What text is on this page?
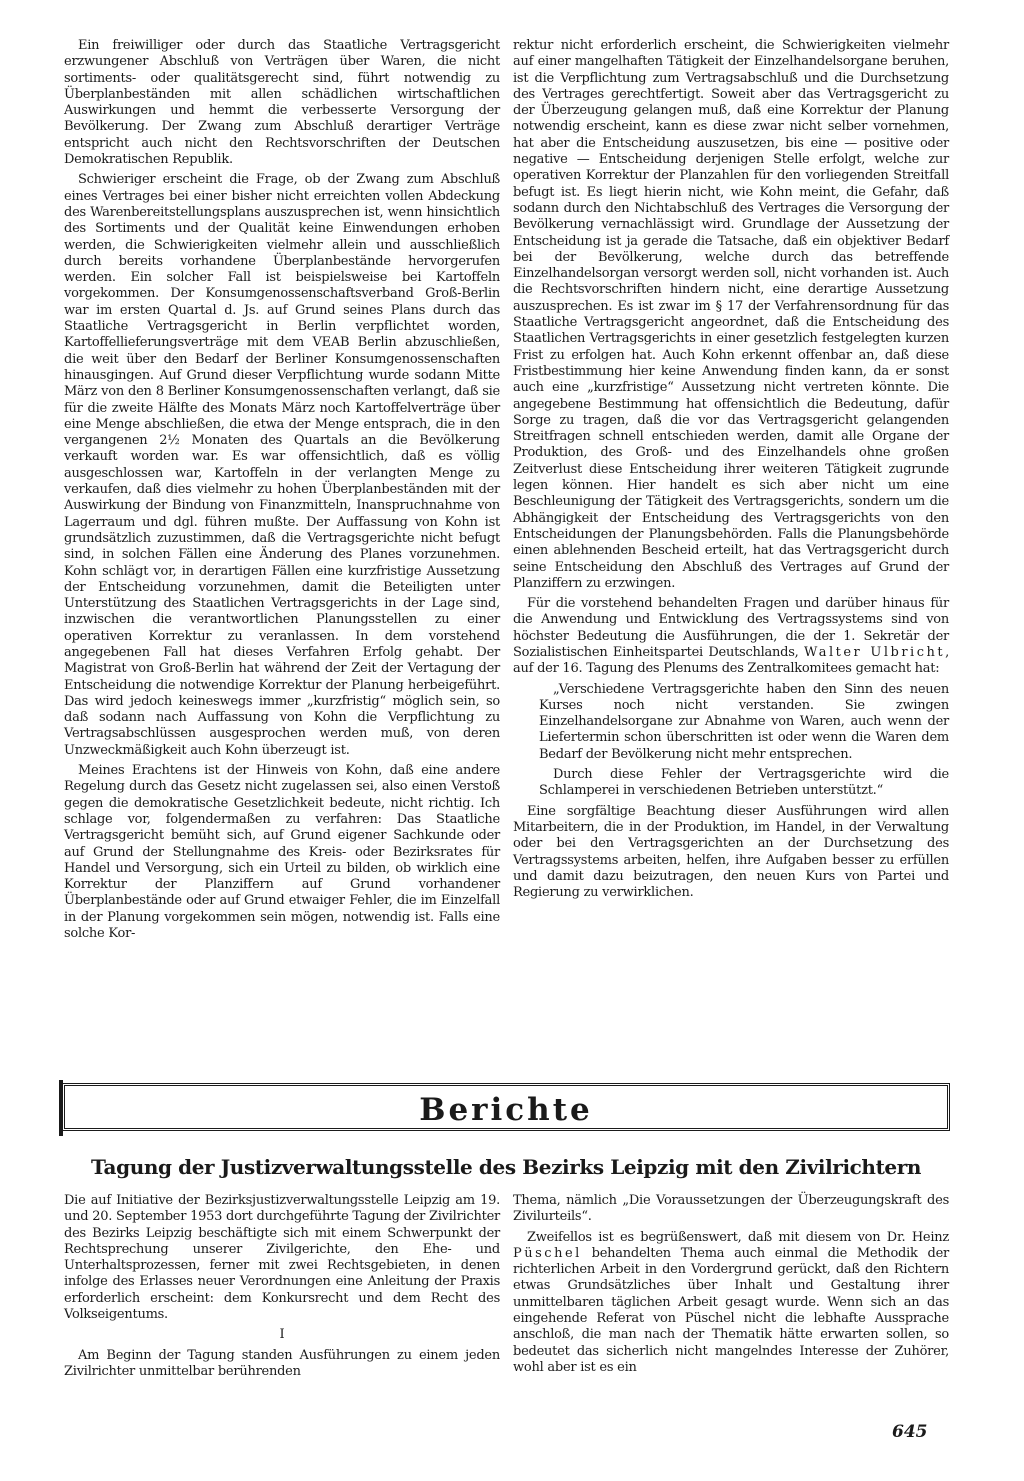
Ein freiwilliger oder durch das Staatliche Vertragsgericht erzwungener Abschluß von Verträgen über Waren, die nicht sortiments- oder qualitätsgerecht sind, führt notwendig zu Überplanbeständen mit allen schädlichen wirtschaftlichen Auswirkungen und hemmt die verbesserte Versorgung der Bevölkerung. Der Zwang zum Abschluß derartiger Verträge entspricht auch nicht den Rechtsvorschriften der Deutschen Demokratischen Republik.

Schwieriger erscheint die Frage, ob der Zwang zum Abschluß eines Vertrages bei einer bisher nicht erreichten vollen Abdeckung des Warenbereitstellungsplans auszusprechen ist, wenn hinsichtlich des Sortiments und der Qualität keine Einwendungen erhoben werden, die Schwierigkeiten vielmehr allein und ausschließlich durch bereits vorhandene Überplanbestände hervorgerufen werden. Ein solcher Fall ist beispielsweise bei Kartoffeln vorgekommen. Der Konsumgenossenschaftsverband Groß-Berlin war im ersten Quartal d. Js. auf Grund seines Plans durch das Staatliche Vertragsgericht in Berlin verpflichtet worden, Kartoffellieferungsverträge mit dem VEAB Berlin abzuschließen, die weit über den Bedarf der Berliner Konsumgenossenschaften hinausgingen. Auf Grund dieser Verpflichtung wurde sodann Mitte März von den 8 Berliner Konsumgenossenschaften verlangt, daß sie für die zweite Hälfte des Monats März noch Kartoffelverträge über eine Menge abschließen, die etwa der Menge entsprach, die in den vergangenen 2½ Monaten des Quartals an die Bevölkerung verkauft worden war. Es war offensichtlich, daß es völlig ausgeschlossen war, Kartoffeln in der verlangten Menge zu verkaufen, daß dies vielmehr zu hohen Überplanbeständen mit der Auswirkung der Bindung von Finanzmitteln, Inanspruchnahme von Lagerraum und dgl. führen mußte. Der Auffassung von Kohn ist grundsätzlich zuzustimmen, daß die Vertragsgerichte nicht befugt sind, in solchen Fällen eine Änderung des Planes vorzunehmen. Kohn schlägt vor, in derartigen Fällen eine kurzfristige Aussetzung der Entscheidung vorzunehmen, damit die Beteiligten unter Unterstützung des Staatlichen Vertragsgerichts in der Lage sind, inzwischen die verantwortlichen Planungsstellen zu einer operativen Korrektur zu veranlassen. In dem vorstehend angegebenen Fall hat dieses Verfahren Erfolg gehabt. Der Magistrat von Groß-Berlin hat während der Zeit der Vertagung der Entscheidung die notwendige Korrektur der Planung herbeigeführt. Das wird jedoch keineswegs immer „kurzfristig“ möglich sein, so daß sodann nach Auffassung von Kohn die Verpflichtung zu Vertragsabschlüssen ausgesprochen werden muß, von deren Unzweckmäßigkeit auch Kohn überzeugt ist.

Meines Erachtens ist der Hinweis von Kohn, daß eine andere Regelung durch das Gesetz nicht zugelassen sei, also einen Verstoß gegen die demokratische Gesetzlichkeit bedeute, nicht richtig. Ich schlage vor, folgendermaßen zu verfahren: Das Staatliche Vertragsgericht bemüht sich, auf Grund eigener Sachkunde oder auf Grund der Stellungnahme des Kreis- oder Bezirksrates für Handel und Versorgung, sich ein Urteil zu bilden, ob wirklich eine Korrektur der Planziffern auf Grund vorhandener Überplanbestände oder auf Grund etwaiger Fehler, die im Einzelfall in der Planung vorgekommen sein mögen, notwendig ist. Falls eine solche Kor-

rektur nicht erforderlich erscheint, die Schwierigkeiten vielmehr auf einer mangelhaften Tätigkeit der Einzelhandelsorgane beruhen, ist die Verpflichtung zum Vertragsabschluß und die Durchsetzung des Vertrages gerechtfertigt. Soweit aber das Vertragsgericht zu der Überzeugung gelangen muß, daß eine Korrektur der Planung notwendig erscheint, kann es diese zwar nicht selber vornehmen, hat aber die Entscheidung auszusetzen, bis eine — positive oder negative — Entscheidung derjenigen Stelle erfolgt, welche zur operativen Korrektur der Planzahlen für den vorliegenden Streitfall befugt ist. Es liegt hierin nicht, wie Kohn meint, die Gefahr, daß sodann durch den Nichtabschluß des Vertrages die Versorgung der Bevölkerung vernachlässigt wird. Grundlage der Aussetzung der Entscheidung ist ja gerade die Tatsache, daß ein objektiver Bedarf bei der Bevölkerung, welche durch das betreffende Einzelhandelsorgan versorgt werden soll, nicht vorhanden ist. Auch die Rechtsvorschriften hindern nicht, eine derartige Aussetzung auszusprechen. Es ist zwar im § 17 der Verfahrensordnung für das Staatliche Vertragsgericht angeordnet, daß die Entscheidung des Staatlichen Vertragsgerichts in einer gesetzlich festgelegten kurzen Frist zu erfolgen hat. Auch Kohn erkennt offenbar an, daß diese Fristbestimmung hier keine Anwendung finden kann, da er sonst auch eine „kurzfristige“ Aussetzung nicht vertreten könnte. Die angegebene Bestimmung hat offensichtlich die Bedeutung, dafür Sorge zu tragen, daß die vor das Vertragsgericht gelangenden Streitfragen schnell entschieden werden, damit alle Organe der Produktion, des Groß- und des Einzelhandels ohne großen Zeitverlust diese Entscheidung ihrer weiteren Tätigkeit zugrunde legen können. Hier handelt es sich aber nicht um eine Beschleunigung der Tätigkeit des Vertragsgerichts, sondern um die Abhängigkeit der Entscheidung des Vertragsgerichts von den Entscheidungen der Planungsbehörden. Falls die Planungsbehörde einen ablehnenden Bescheid erteilt, hat das Vertragsgericht durch seine Entscheidung den Abschluß des Vertrages auf Grund der Planziffern zu erzwingen.

Für die vorstehend behandelten Fragen und darüber hinaus für die Anwendung und Entwicklung des Vertragssystems sind von höchster Bedeutung die Ausführungen, die der 1. Sekretär der Sozialistischen Einheitspartei Deutschlands, Walter Ulbricht, auf der 16. Tagung des Plenums des Zentralkomitees gemacht hat:

„Verschiedene Vertragsgerichte haben den Sinn des neuen Kurses noch nicht verstanden. Sie zwingen Einzelhandelsorgane zur Abnahme von Waren, auch wenn der Liefertermin schon überschritten ist oder wenn die Waren dem Bedarf der Bevölkerung nicht mehr entsprechen.

Durch diese Fehler der Vertragsgerichte wird die Schlamperei in verschiedenen Betrieben unterstützt.“

Eine sorgfältige Beachtung dieser Ausführungen wird allen Mitarbeitern, die in der Produktion, im Handel, in der Verwaltung oder bei den Vertragsgerichten an der Durchsetzung des Vertragssystems arbeiten, helfen, ihre Aufgaben besser zu erfüllen und damit dazu beizutragen, den neuen Kurs von Partei und Regierung zu verwirklichen.

Berichte
Tagung der Justizverwaltungsstelle des Bezirks Leipzig mit den Zivilrichtern

Die auf Initiative der Bezirksjustizverwaltungsstelle Leipzig am 19. und 20. September 1953 dort durchgeführte Tagung der Zivilrichter des Bezirks Leipzig beschäftigte sich mit einem Schwerpunkt der Rechtsprechung unserer Zivilgerichte, den Ehe- und Unterhaltsprozessen, ferner mit zwei Rechtsgebieten, in denen infolge des Erlasses neuer Verordnungen eine Anleitung der Praxis erforderlich erscheint: dem Konkursrecht und dem Recht des Volkseigentums.

I

Am Beginn der Tagung standen Ausführungen zu einem jeden Zivilrichter unmittelbar berührenden

Thema, nämlich „Die Voraussetzungen der Überzeugungskraft des Zivilurteils“.

Zweifellos ist es begrüßenswert, daß mit diesem von Dr. Heinz Püschel behandelten Thema auch einmal die Methodik der richterlichen Arbeit in den Vordergrund gerückt, daß den Richtern etwas Grundsätzliches über Inhalt und Gestaltung ihrer unmittelbaren täglichen Arbeit gesagt wurde. Wenn sich an das eingehende Referat von Püschel nicht die lebhafte Aussprache anschloß, die man nach der Thematik hätte erwarten sollen, so bedeutet das sicherlich nicht mangelndes Interesse der Zuhörer, wohl aber ist es ein

645
